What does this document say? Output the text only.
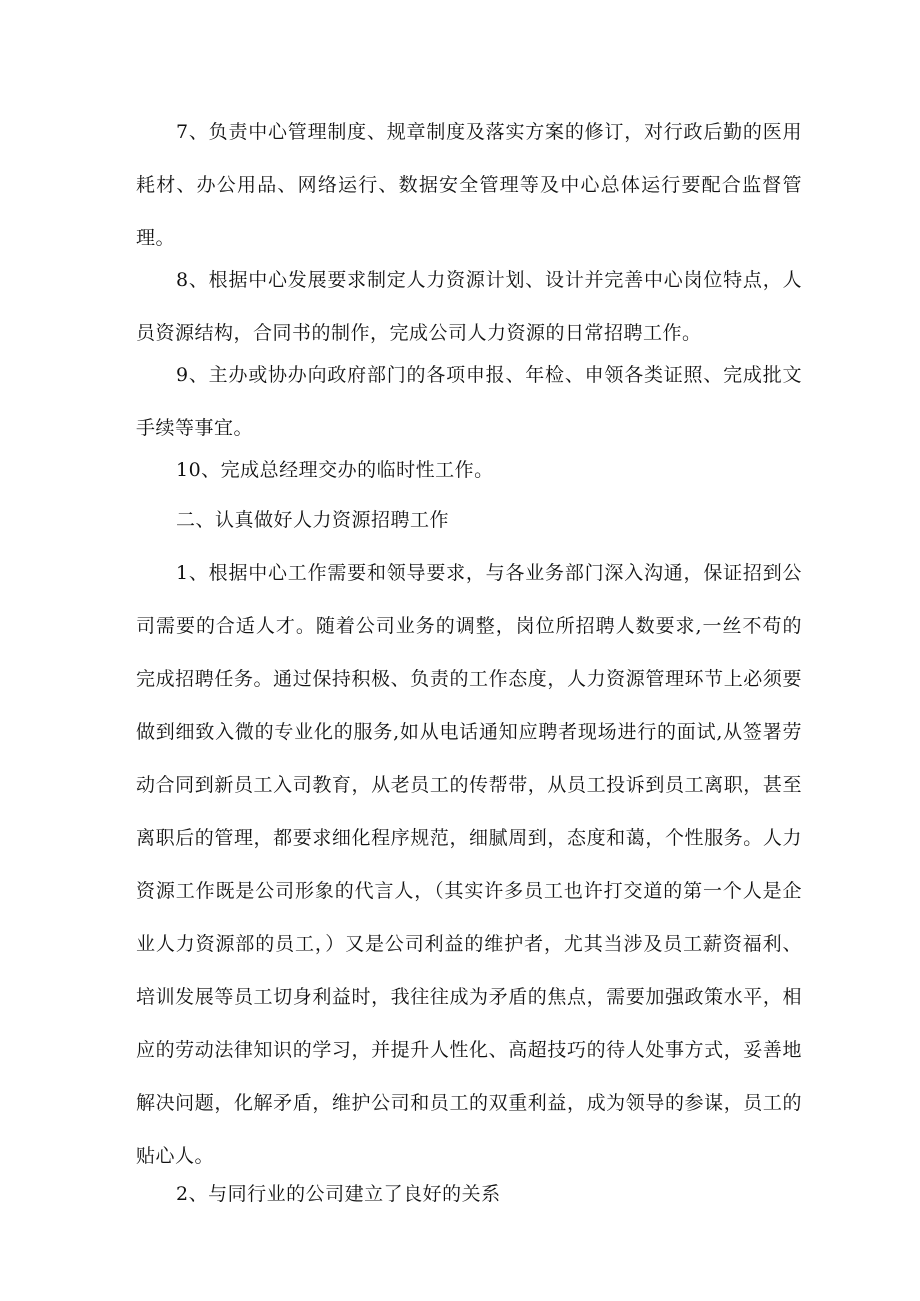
7、负责中心管理制度、规章制度及落实方案的修订，对行政后勤的医用耗材、办公用品、网络运行、数据安全管理等及中心总体运行要配合监督管理。

8、根据中心发展要求制定人力资源计划、设计并完善中心岗位特点，人员资源结构，合同书的制作，完成公司人力资源的日常招聘工作。

9、主办或协办向政府部门的各项申报、年检、申领各类证照、完成批文手续等事宜。

10、完成总经理交办的临时性工作。

二、认真做好人力资源招聘工作

1、根据中心工作需要和领导要求，与各业务部门深入沟通，保证招到公司需要的合适人才。随着公司业务的调整，岗位所招聘人数要求,一丝不苟的完成招聘任务。通过保持积极、负责的工作态度，人力资源管理环节上必须要做到细致入微的专业化的服务,如从电话通知应聘者现场进行的面试,从签署劳动合同到新员工入司教育，从老员工的传帮带，从员工投诉到员工离职，甚至离职后的管理，都要求细化程序规范，细腻周到，态度和蔼，个性服务。人力资源工作既是公司形象的代言人，（其实许多员工也许打交道的第一个人是企业人力资源部的员工，）又是公司利益的维护者，尤其当涉及员工薪资福利、培训发展等员工切身利益时，我往往成为矛盾的焦点，需要加强政策水平，相应的劳动法律知识的学习，并提升人性化、高超技巧的待人处事方式，妥善地解决问题，化解矛盾，维护公司和员工的双重利益，成为领导的参谋，员工的贴心人。

2、与同行业的公司建立了良好的关系
